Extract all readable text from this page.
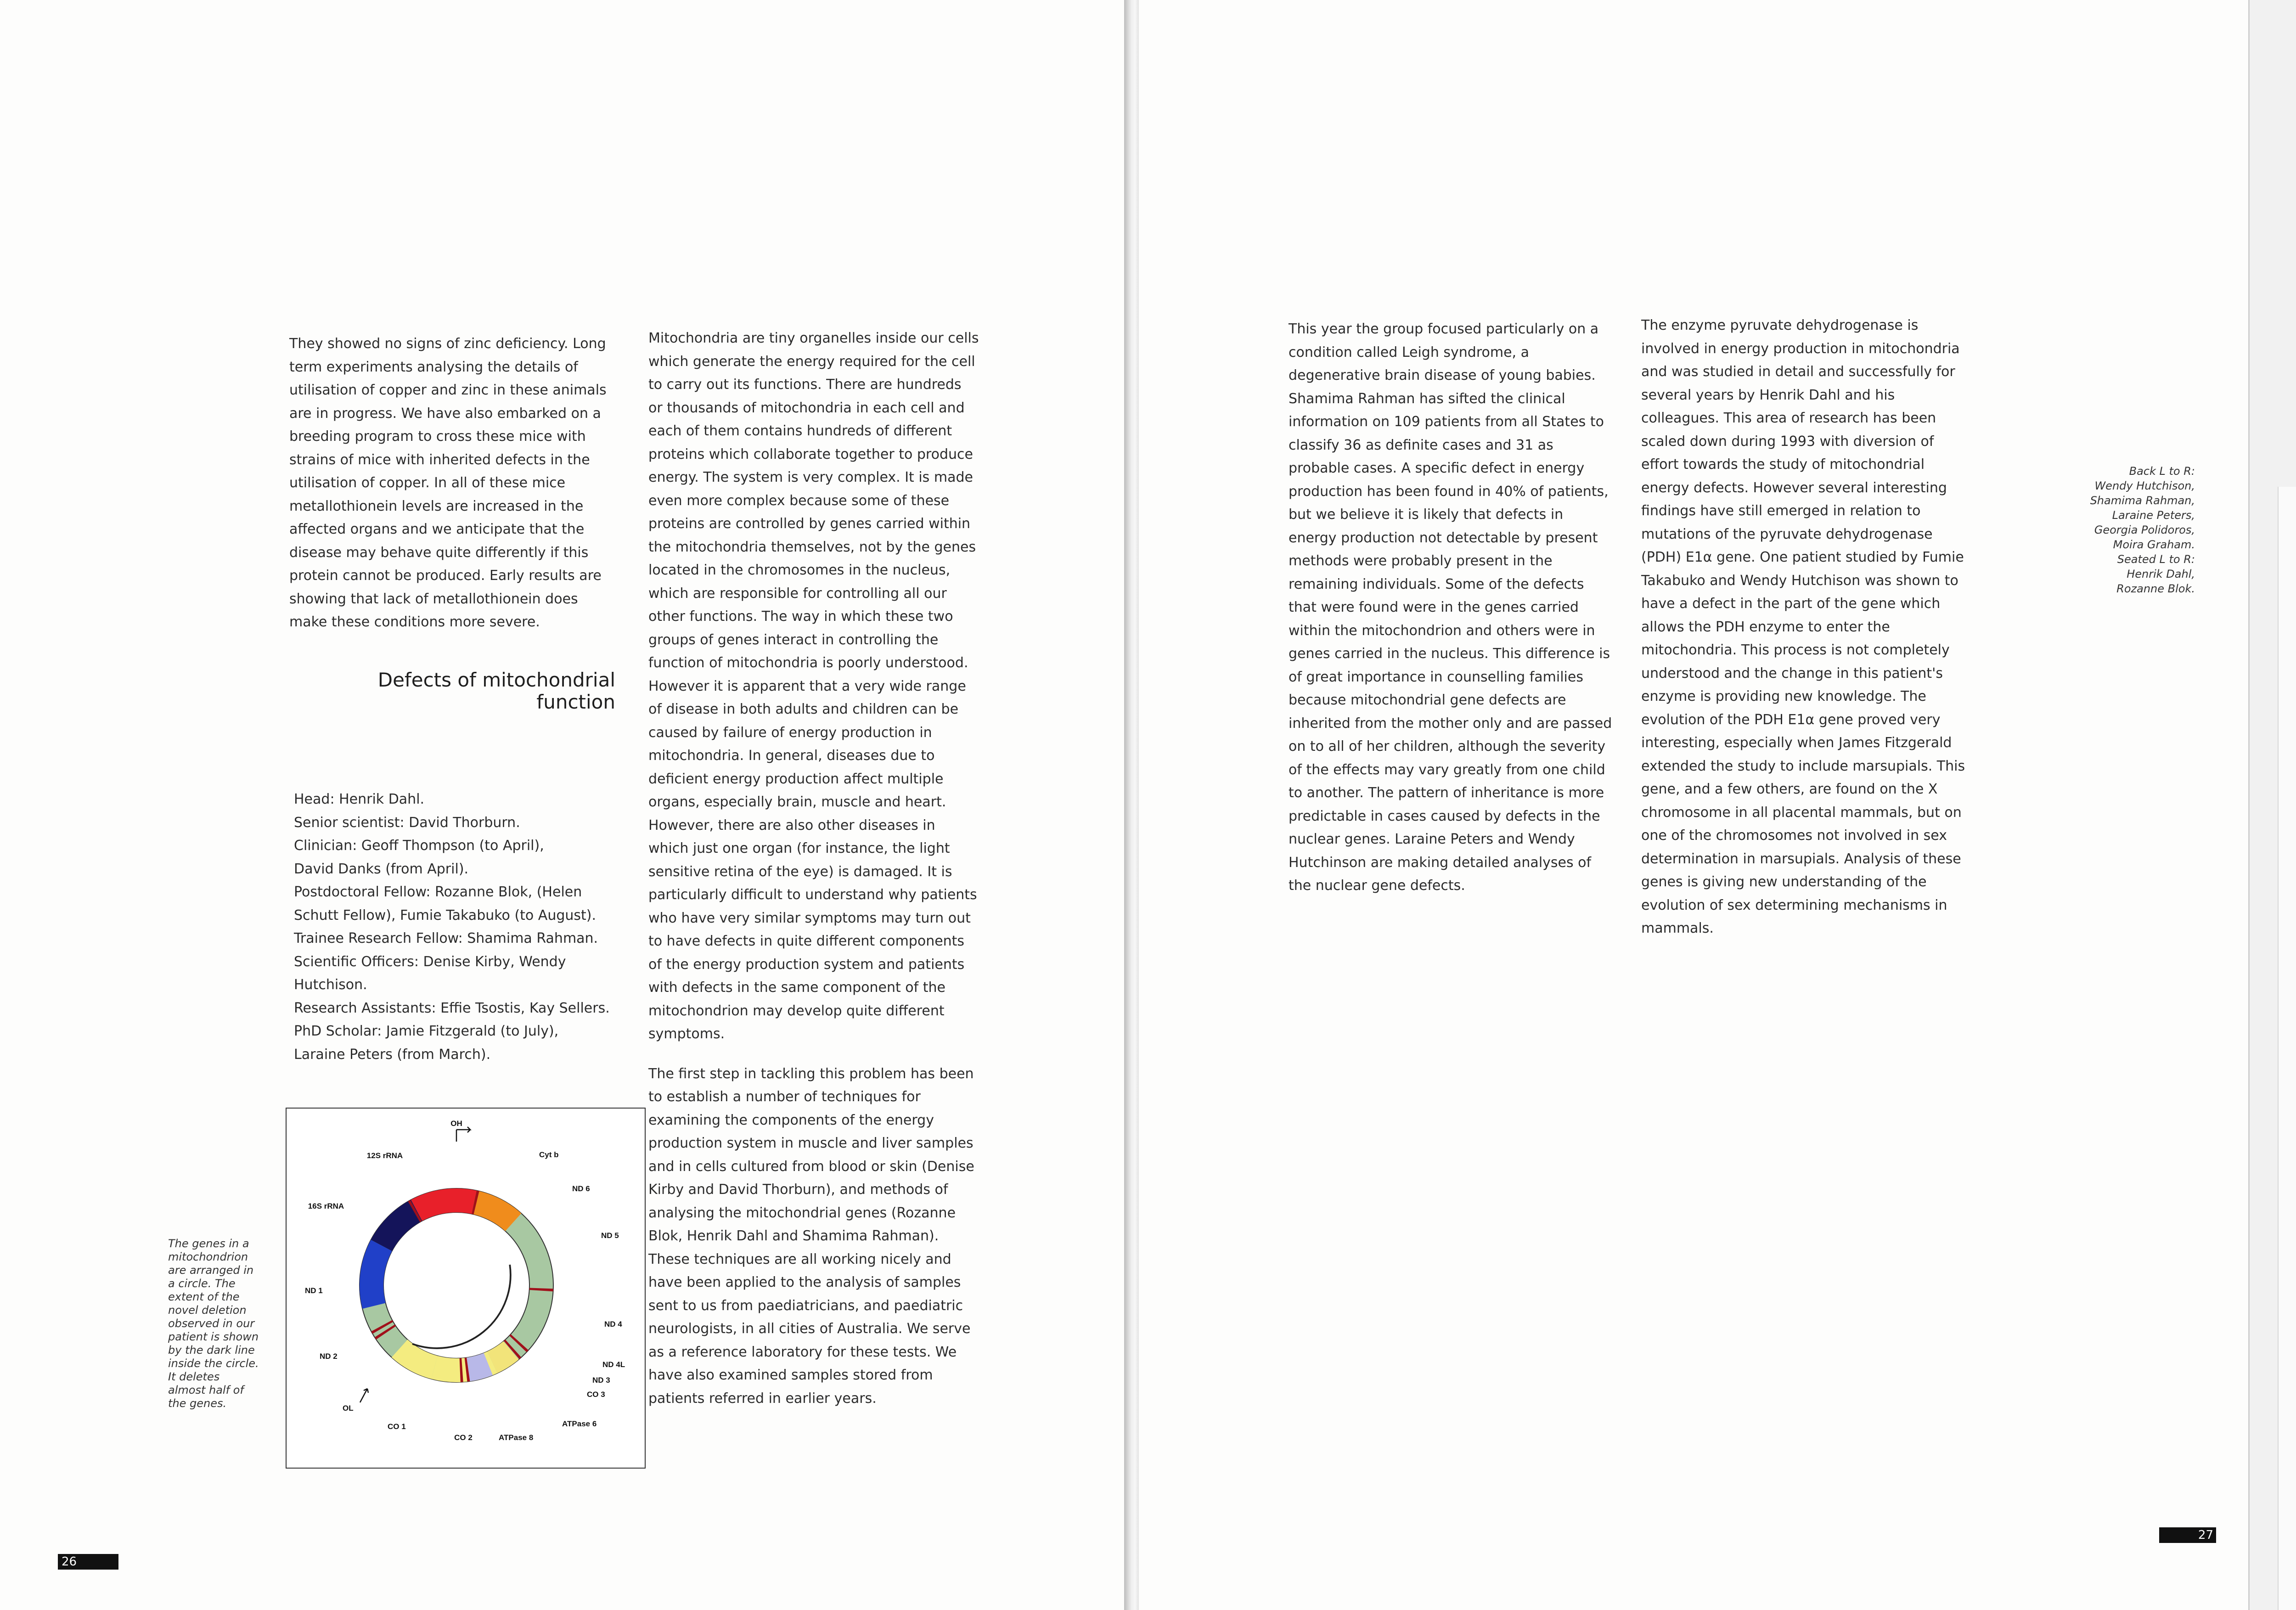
They showed no signs of zinc deficiency. Long term experiments analysing the details of utilisation of copper and zinc in these animals are in progress. We have also embarked on a breeding program to cross these mice with strains of mice with inherited defects in the utilisation of copper. In all of these mice metallothionein levels are increased in the affected organs and we anticipate that the disease may behave quite differently if this protein cannot be produced. Early results are showing that lack of metallothionein does make these conditions more severe.

Defects of mitochondrial
function
Head: Henrik Dahl.
Senior scientist: David Thorburn.
Clinician: Geoff Thompson (to April),
David Danks (from April).
Postdoctoral Fellow: Rozanne Blok, (Helen
Schutt Fellow), Fumie Takabuko (to August).
Trainee Research Fellow: Shamima Rahman.
Scientific Officers: Denise Kirby, Wendy
Hutchison.
Research Assistants: Effie Tsostis, Kay Sellers.
PhD Scholar: Jamie Fitzgerald (to July),
Laraine Peters (from March).

Mitochondria are tiny organelles inside our cells which generate the energy required for the cell to carry out its functions. There are hundreds or thousands of mitochondria in each cell and each of them contains hundreds of different proteins which collaborate together to produce energy. The system is very complex. It is made even more complex because some of these proteins are controlled by genes carried within the mitochondria themselves, not by the genes located in the chromosomes in the nucleus, which are responsible for controlling all our other functions. The way in which these two groups of genes interact in controlling the function of mitochondria is poorly understood. However it is apparent that a very wide range of disease in both adults and children can be caused by failure of energy production in mitochondria. In general, diseases due to deficient energy production affect multiple organs, especially brain, muscle and heart. However, there are also other diseases in which just one organ (for instance, the light sensitive retina of the eye) is damaged. It is particularly difficult to understand why patients who have very similar symptoms may turn out to have defects in quite different components of the energy production system and patients with defects in the same component of the mitochondrion may develop quite different symptoms.

The first step in tackling this problem has been to establish a number of techniques for examining the components of the energy production system in muscle and liver samples and in cells cultured from blood or skin (Denise Kirby and David Thorburn), and methods of analysing the mitochondrial genes (Rozanne Blok, Henrik Dahl and Shamima Rahman). These techniques are all working nicely and have been applied to the analysis of samples sent to us from paediatricians, and paediatric neurologists, in all cities of Australia. We serve as a reference laboratory for these tests. We have also examined samples stored from patients referred in earlier years.

The genes in a mitochondrion are arranged in a circle. The extent of the novel deletion observed in our patient is shown by the dark line inside the circle. It deletes almost half of the genes.
OH
12S rRNA	Cyt b
ND 6
16S rRNA
ND 5
ND 1
ND 4
ND 2
ND 4L
ND 3
CO 3
OL
ATPase 6
CO 1
CO 2	ATPase 8
26

This year the group focused particularly on a condition called Leigh syndrome, a degenerative brain disease of young babies. Shamima Rahman has sifted the clinical information on 109 patients from all States to classify 36 as definite cases and 31 as probable cases. A specific defect in energy production has been found in 40% of patients, but we believe it is likely that defects in energy production not detectable by present methods were probably present in the remaining individuals. Some of the defects that were found were in the genes carried within the mitochondrion and others were in genes carried in the nucleus. This difference is of great importance in counselling families because mitochondrial gene defects are inherited from the mother only and are passed on to all of her children, although the severity of the effects may vary greatly from one child to another. The pattern of inheritance is more predictable in cases caused by defects in the nuclear genes. Laraine Peters and Wendy Hutchinson are making detailed analyses of the nuclear gene defects.

The enzyme pyruvate dehydrogenase is involved in energy production in mitochondria and was studied in detail and successfully for several years by Henrik Dahl and his colleagues. This area of research has been scaled down during 1993 with diversion of effort towards the study of mitochondrial energy defects. However several interesting findings have still emerged in relation to mutations of the pyruvate dehydrogenase (PDH) E1α gene. One patient studied by Fumie Takabuko and Wendy Hutchison was shown to have a defect in the part of the gene which allows the PDH enzyme to enter the mitochondria. This process is not completely understood and the change in this patient's enzyme is providing new knowledge. The evolution of the PDH E1α gene proved very interesting, especially when James Fitzgerald extended the study to include marsupials. This gene, and a few others, are found on the X chromosome in all placental mammals, but on one of the chromosomes not involved in sex determination in marsupials. Analysis of these genes is giving new understanding of the evolution of sex determining mechanisms in mammals.

Back L to R:
Wendy Hutchison,
Shamima Rahman,
Laraine Peters,
Georgia Polidoros,
Moira Graham.
Seated L to R:
Henrik Dahl,
Rozanne Blok.
27
